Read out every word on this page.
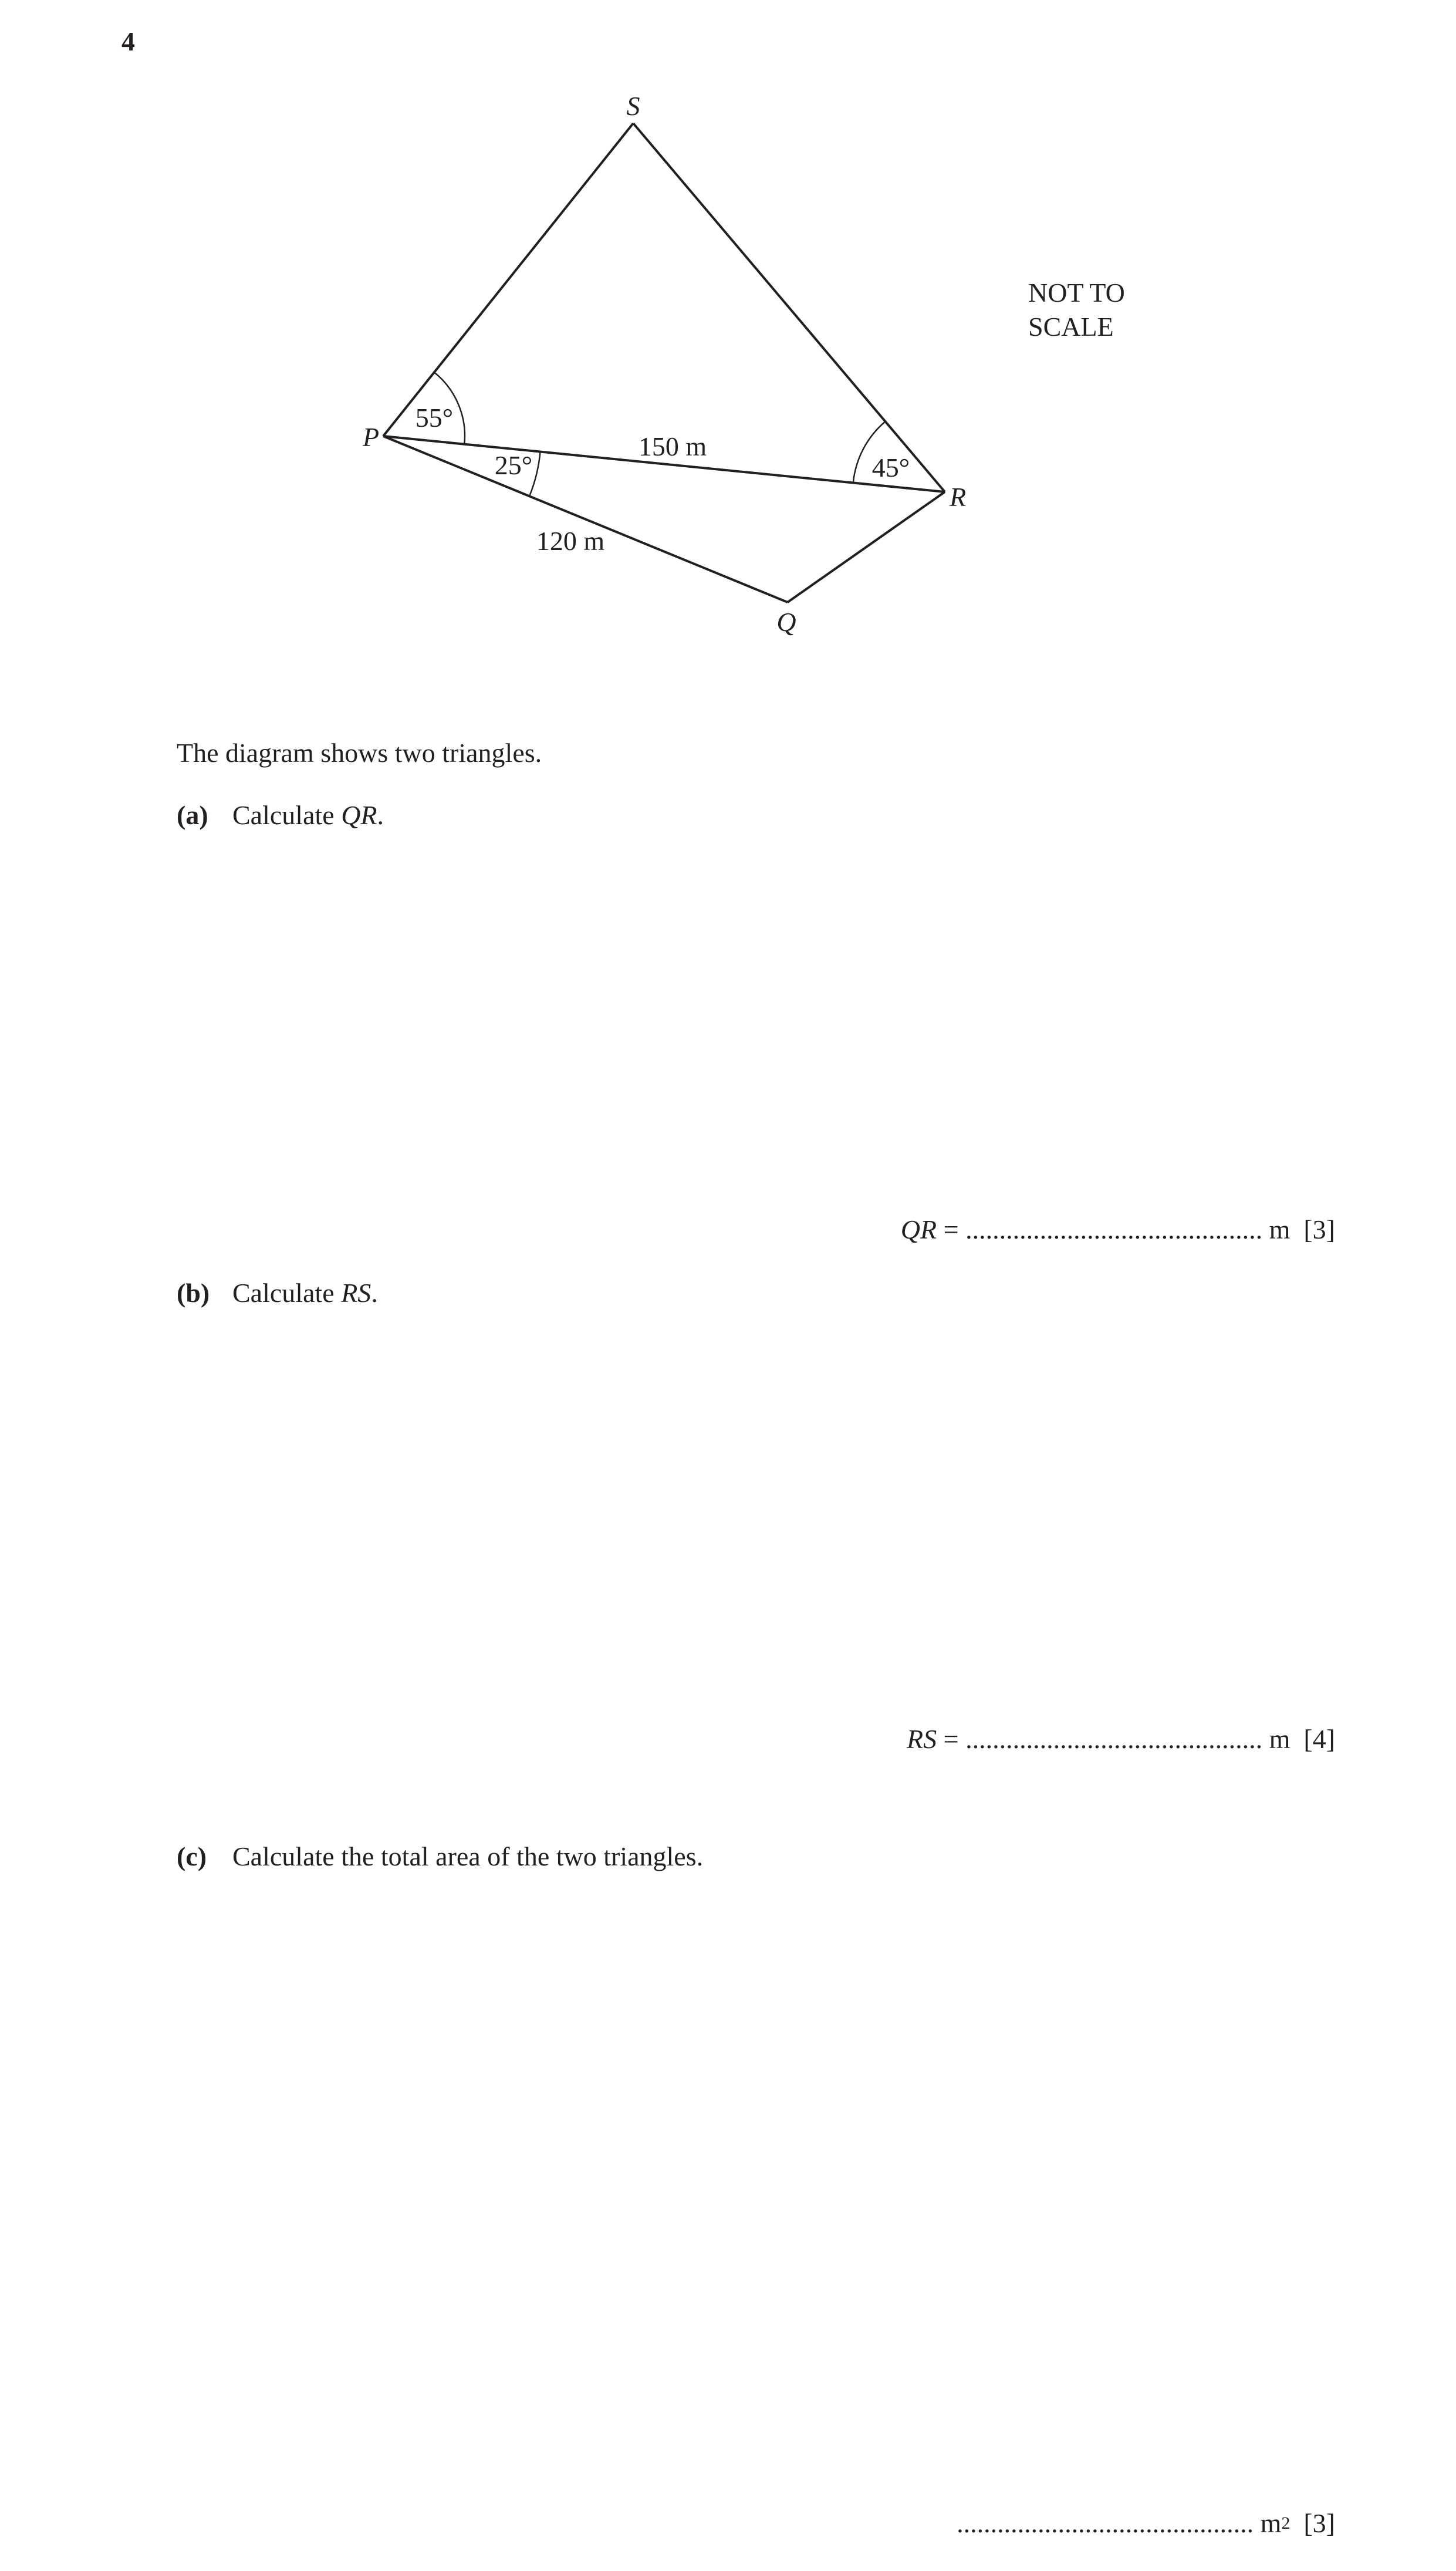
4
S
P
R
Q
55°
25°	45°
150 m
120 m
NOT TO
SCALE
The diagram shows two triangles.
(a) Calculate QR.
QR = ............................................ m [3]
(b) Calculate RS.
RS = ............................................ m [4]
(c) Calculate the total area of the two triangles.
............................................ $m^2$ [3]
